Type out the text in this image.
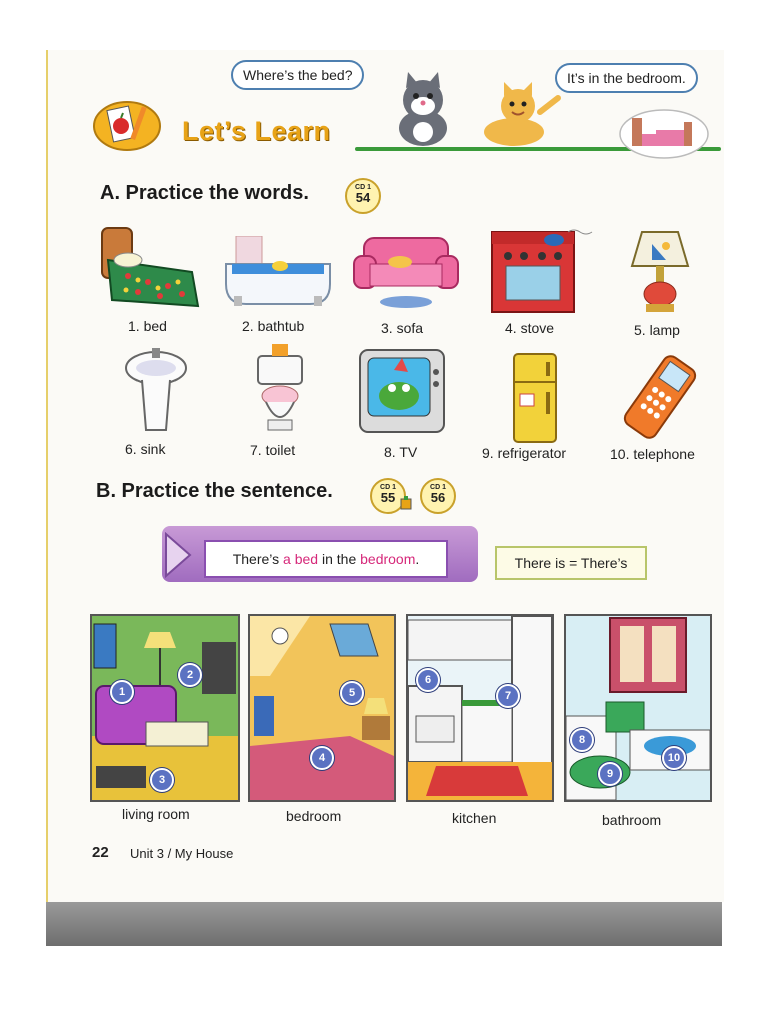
Where’s the bed?	It’s in the bedroom.
Let’s Learn
A. Practice the words.	CD 1
54
1. bed	2. bathtub	3. sofa	4. stove	5. lamp
6. sink	7. toilet	8. TV	9. refrigerator	10. telephone
B. Practice the sentence.	CD 1
55
CD 1
56
There’s a bed in the bedroom.	There is = There’s
1
2
3
5
4
6
7
8
9
10
living room	bedroom	kitchen	bathroom
22 Unit 3 / My House
